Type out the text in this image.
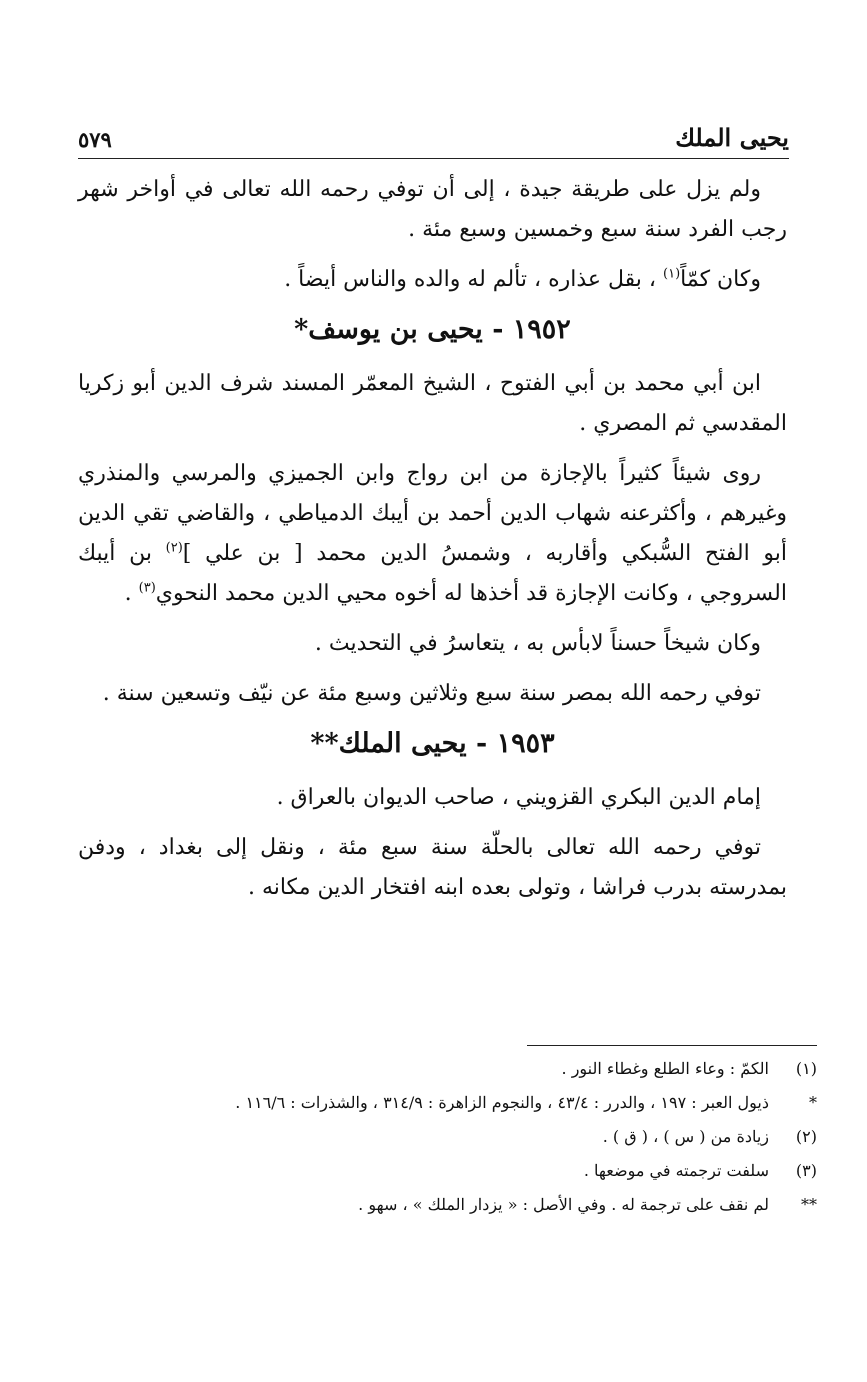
يحيى الملك
٥٧٩

ولم يزل على طريقة جيدة ، إلى أن توفي رحمه الله تعالى في أواخر شهر رجب الفرد سنة سبع وخمسين وسبع مئة .

وكان كمّاً$^{(١)}$ ، بقل عذاره ، تألم له والده والناس أيضاً .

١٩٥٢ - يحيى بن يوسف*

ابن أبي محمد بن أبي الفتوح ، الشيخ المعمّر المسند شرف الدين أبو زكريا المقدسي ثم المصري .

روى شيئاً كثيراً بالإجازة من ابن رواج وابن الجميزي والمرسي والمنذري وغيرهم ، وأكثرعنه شهاب الدين أحمد بن أيبك الدمياطي ، والقاضي تقي الدين أبو الفتح السُّبكي وأقاربه ، وشمسُ الدين محمد [ بن علي ]$^{(٢)}$ بن أيبك السروجي ، وكانت الإجازة قد أخذها له أخوه محيي الدين محمد النحوي$^{(٣)}$ .

وكان شيخاً حسناً لابأس به ، يتعاسرُ في التحديث .

توفي رحمه الله بمصر سنة سبع وثلاثين وسبع مئة عن نيّف وتسعين سنة .

١٩٥٣ - يحيى الملك**

إمام الدين البكري القزويني ، صاحب الديوان بالعراق .

توفي رحمه الله تعالى بالحلّة سنة سبع مئة ، ونقل إلى بغداد ، ودفن بمدرسته بدرب فراشا ، وتولى بعده ابنه افتخار الدين مكانه .

(١)
الكمّ : وعاء الطلع وغطاء النور .
*
ذيول العبر : ١٩٧ ، والدرر : ٤٣/٤ ، والنجوم الزاهرة : ٣١٤/٩ ، والشذرات : ١١٦/٦ .
(٢)
زيادة من ( س ) ، ( ق ) .
(٣)
سلفت ترجمته في موضعها .
**
لم نقف على ترجمة له . وفي الأصل : « يزدار الملك » ، سهو .
